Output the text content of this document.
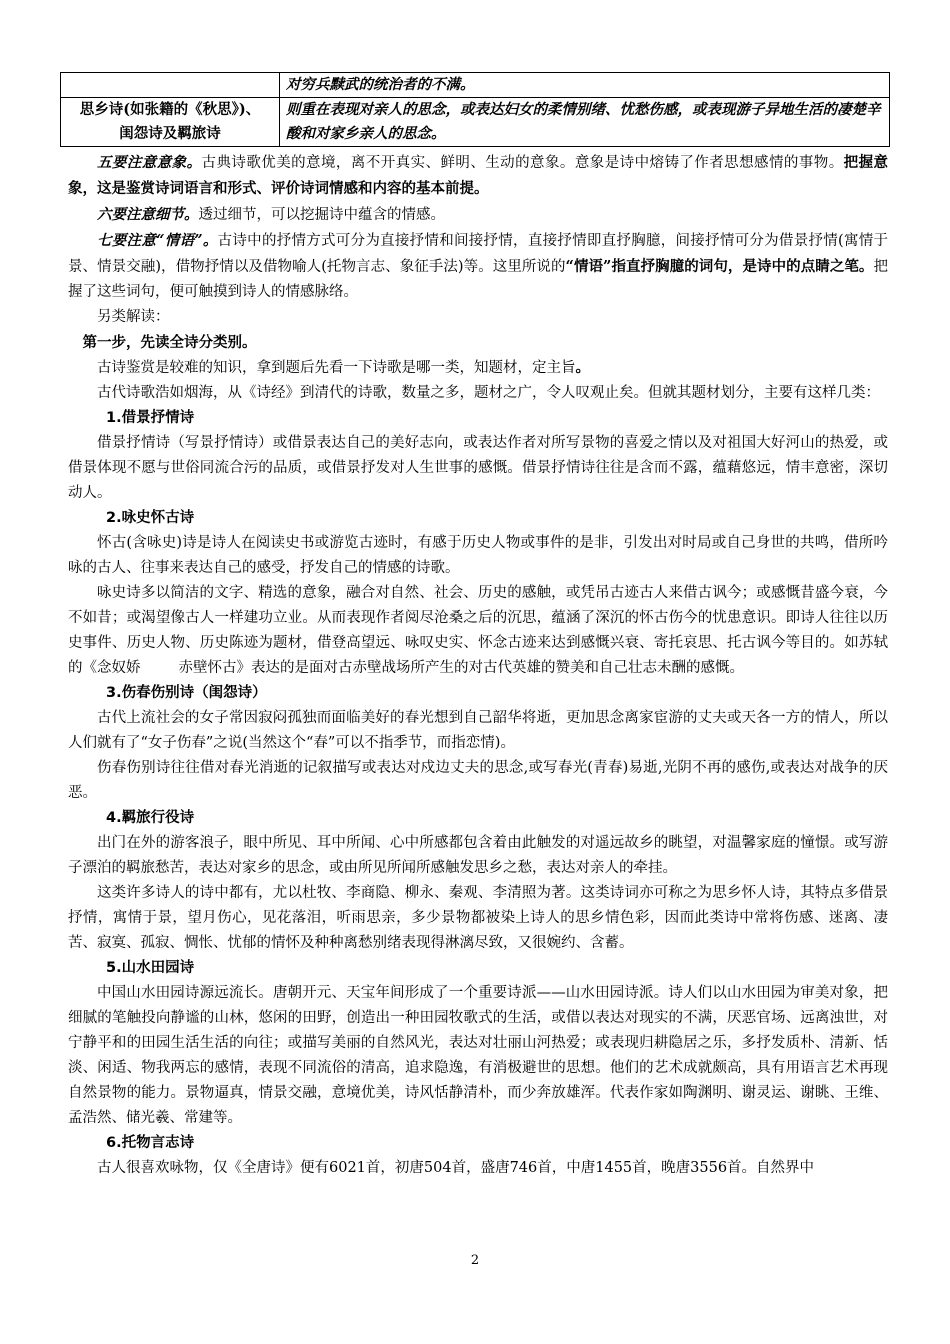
	对穷兵黩武的统治者的不满。
思乡诗(如张籍的《秋思》)、
闺怨诗及羁旅诗	则重在表现对亲人的思念，或表达妇女的柔情别绪、忧愁伤感，或表现游子异地生活的凄楚辛酸和对家乡亲人的思念。

五要注意意象。古典诗歌优美的意境，离不开真实、鲜明、生动的意象。意象是诗中熔铸了作者思想感情的事物。把握意象，这是鉴赏诗词语言和形式、评价诗词情感和内容的基本前提。

六要注意细节。透过细节，可以挖掘诗中蕴含的情感。

七要注意“情语”。古诗中的抒情方式可分为直接抒情和间接抒情，直接抒情即直抒胸臆，间接抒情可分为借景抒情(寓情于景、情景交融)，借物抒情以及借物喻人(托物言志、象征手法)等。这里所说的“情语”指直抒胸臆的词句，是诗中的点睛之笔。把握了这些词句，便可触摸到诗人的情感脉络。

另类解读：

第一步，先读全诗分类别。

古诗鉴赏是较难的知识，拿到题后先看一下诗歌是哪一类，知题材，定主旨。

古代诗歌浩如烟海，从《诗经》到清代的诗歌，数量之多，题材之广，令人叹观止矣。但就其题材划分，主要有这样几类：

1.借景抒情诗

借景抒情诗（写景抒情诗）或借景表达自己的美好志向，或表达作者对所写景物的喜爱之情以及对祖国大好河山的热爱，或借景体现不愿与世俗同流合污的品质，或借景抒发对人生世事的感慨。借景抒情诗往往是含而不露，蕴藉悠远，情丰意密，深切动人。

2.咏史怀古诗

怀古(含咏史)诗是诗人在阅读史书或游览古迹时，有感于历史人物或事件的是非，引发出对时局或自己身世的共鸣，借所吟咏的古人、往事来表达自己的感受，抒发自己的情感的诗歌。

咏史诗多以简洁的文字、精选的意象，融合对自然、社会、历史的感触，或凭吊古迹古人来借古讽今；或感慨昔盛今衰，今不如昔；或渴望像古人一样建功立业。从而表现作者阅尽沧桑之后的沉思，蕴涵了深沉的怀古伤今的忧患意识。即诗人往往以历史事件、历史人物、历史陈迹为题材，借登高望远、咏叹史实、怀念古迹来达到感慨兴衰、寄托哀思、托古讽今等目的。如苏轼的《念奴娇	赤壁怀古》表达的是面对古赤壁战场所产生的对古代英雄的赞美和自己壮志未酬的感慨。

3.伤春伤别诗（闺怨诗）

古代上流社会的女子常因寂闷孤独而面临美好的春光想到自己韶华将逝，更加思念离家宦游的丈夫或天各一方的情人，所以人们就有了“女子伤春”之说(当然这个“春”可以不指季节，而指恋情)。

伤春伤别诗往往借对春光消逝的记叙描写或表达对戍边丈夫的思念,或写春光(青春)易逝,光阴不再的感伤,或表达对战争的厌恶。

4.羁旅行役诗

出门在外的游客浪子，眼中所见、耳中所闻、心中所感都包含着由此触发的对遥远故乡的眺望，对温馨家庭的憧憬。或写游子漂泊的羁旅愁苦，表达对家乡的思念，或由所见所闻所感触发思乡之愁，表达对亲人的牵挂。

这类许多诗人的诗中都有，尤以杜牧、李商隐、柳永、秦观、李清照为著。这类诗词亦可称之为思乡怀人诗，其特点多借景抒情，寓情于景，望月伤心，见花落泪，听雨思亲，多少景物都被染上诗人的思乡情色彩，因而此类诗中常将伤感、迷离、凄苦、寂寞、孤寂、惆怅、忧郁的情怀及种种离愁别绪表现得淋漓尽致，又很婉约、含蓄。

5.山水田园诗

中国山水田园诗源远流长。唐朝开元、天宝年间形成了一个重要诗派——山水田园诗派。诗人们以山水田园为审美对象，把细腻的笔触投向静谧的山林，悠闲的田野，创造出一种田园牧歌式的生活，或借以表达对现实的不满，厌恶官场、远离浊世，对宁静平和的田园生活生活的向往；或描写美丽的自然风光，表达对壮丽山河热爱；或表现归耕隐居之乐，多抒发质朴、清新、恬淡、闲适、物我两忘的感情，表现不同流俗的清高，追求隐逸，有消极避世的思想。他们的艺术成就颇高，具有用语言艺术再现自然景物的能力。景物逼真，情景交融，意境优美，诗风恬静清朴，而少奔放雄浑。代表作家如陶渊明、谢灵运、谢眺、王维、孟浩然、储光羲、常建等。

6.托物言志诗

古人很喜欢咏物，仅《全唐诗》便有6021首，初唐504首，盛唐746首，中唐1455首，晚唐3556首。自然界中

2
